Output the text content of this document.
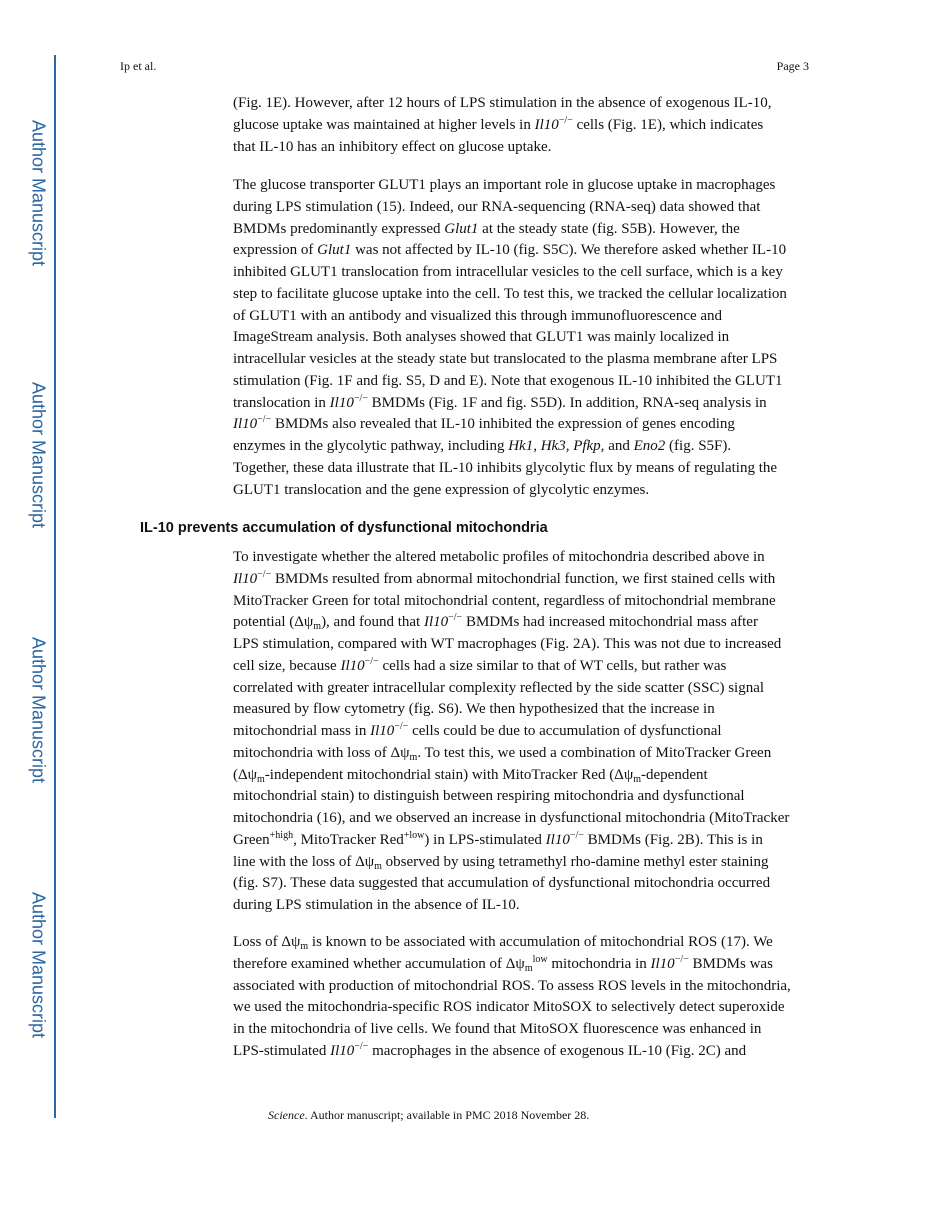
Author Manuscript
Author Manuscript
Author Manuscript
Author Manuscript
Ip et al.	Page 3
(Fig. 1E). However, after 12 hours of LPS stimulation in the absence of exogenous IL-10,
glucose uptake was maintained at higher levels in Il10−/− cells (Fig. 1E), which indicates
that IL-10 has an inhibitory effect on glucose uptake.
The glucose transporter GLUT1 plays an important role in glucose uptake in macrophages
during LPS stimulation (15). Indeed, our RNA-sequencing (RNA-seq) data showed that
BMDMs predominantly expressed Glut1 at the steady state (fig. S5B). However, the
expression of Glut1 was not affected by IL-10 (fig. S5C). We therefore asked whether IL-10
inhibited GLUT1 translocation from intracellular vesicles to the cell surface, which is a key
step to facilitate glucose uptake into the cell. To test this, we tracked the cellular localization
of GLUT1 with an antibody and visualized this through immunofluorescence and
ImageStream analysis. Both analyses showed that GLUT1 was mainly localized in
intracellular vesicles at the steady state but translocated to the plasma membrane after LPS
stimulation (Fig. 1F and fig. S5, D and E). Note that exogenous IL-10 inhibited the GLUT1
translocation in Il10−/− BMDMs (Fig. 1F and fig. S5D). In addition, RNA-seq analysis in
Il10−/− BMDMs also revealed that IL-10 inhibited the expression of genes encoding
enzymes in the glycolytic pathway, including Hk1, Hk3, Pfkp, and Eno2 (fig. S5F).
Together, these data illustrate that IL-10 inhibits glycolytic flux by means of regulating the
GLUT1 translocation and the gene expression of glycolytic enzymes.
IL-10 prevents accumulation of dysfunctional mitochondria
To investigate whether the altered metabolic profiles of mitochondria described above in
Il10−/− BMDMs resulted from abnormal mitochondrial function, we first stained cells with
MitoTracker Green for total mitochondrial content, regardless of mitochondrial membrane
potential $(\Delta\psi_m)$, and found that Il10−/− BMDMs had increased mitochondrial mass after
LPS stimulation, compared with WT macrophages (Fig. 2A). This was not due to increased
cell size, because Il10−/− cells had a size similar to that of WT cells, but rather was
correlated with greater intracellular complexity reflected by the side scatter (SSC) signal
measured by flow cytometry (fig. S6). We then hypothesized that the increase in
mitochondrial mass in Il10−/− cells could be due to accumulation of dysfunctional
mitochondria with loss of $\Delta\psi_m$. To test this, we used a combination of MitoTracker Green
($\Delta\psi_m$-independent mitochondrial stain) with MitoTracker Red ($\Delta\psi_m$-dependent
mitochondrial stain) to distinguish between respiring mitochondria and dysfunctional
mitochondria (16), and we observed an increase in dysfunctional mitochondria (MitoTracker
Green$^{+high}$, MitoTracker Red$^{+low}$) in LPS-stimulated Il10−/− BMDMs (Fig. 2B). This is in
line with the loss of $\Delta\psi_m$ observed by using tetramethyl rho-damine methyl ester staining
(fig. S7). These data suggested that accumulation of dysfunctional mitochondria occurred
during LPS stimulation in the absence of IL-10.
Loss of $\Delta\psi_m$ is known to be associated with accumulation of mitochondrial ROS (17). We
therefore examined whether accumulation of $\Delta\psi_m^{low}$ mitochondria in Il10−/− BMDMs was
associated with production of mitochondrial ROS. To assess ROS levels in the mitochondria,
we used the mitochondria-specific ROS indicator MitoSOX to selectively detect superoxide
in the mitochondria of live cells. We found that MitoSOX fluorescence was enhanced in
LPS-stimulated Il10−/− macrophages in the absence of exogenous IL-10 (Fig. 2C) and
Science. Author manuscript; available in PMC 2018 November 28.
